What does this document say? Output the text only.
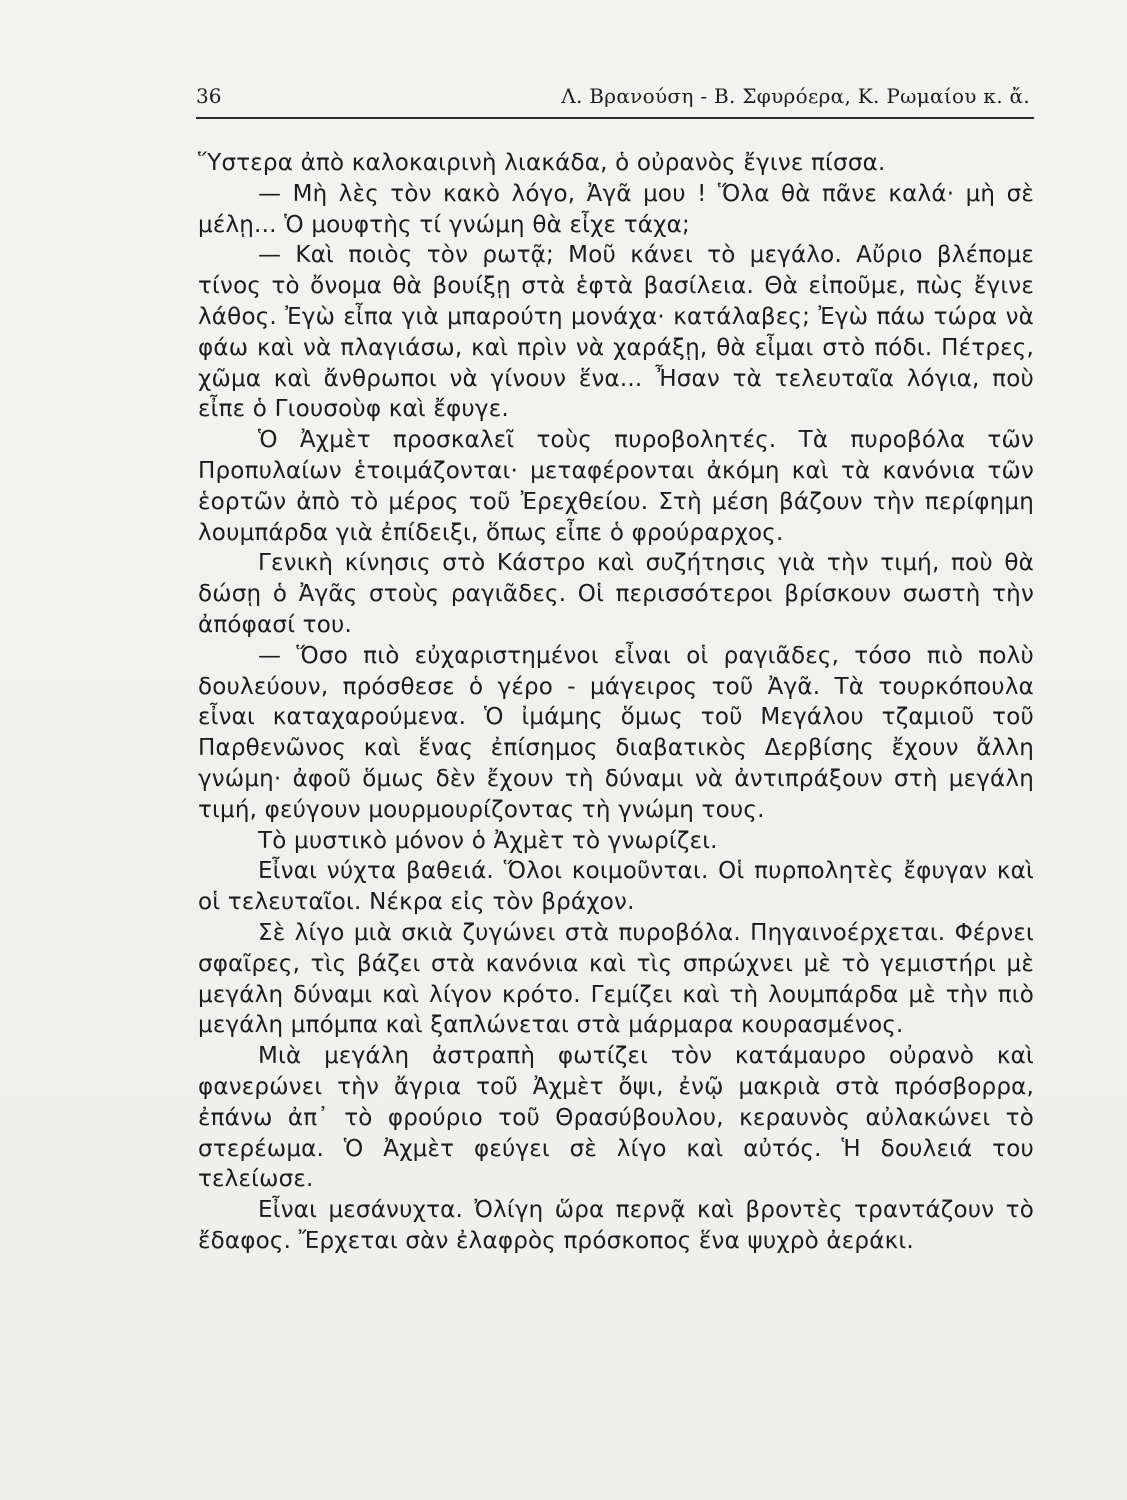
36	Λ. Βρανούση - Β. Σφυρόερα, Κ. Ρωμαίου κ. ἄ.

Ὕστερα ἀπὸ καλοκαιρινὴ λιακάδα, ὁ οὐρανὸς ἔγινε πίσσα.

— Μὴ λὲς τὸν κακὸ λόγο, Ἀγᾶ μου ! Ὅλα θὰ πᾶνε καλά· μὴ σὲ μέλῃ... Ὁ μουφτὴς τί γνώμη θὰ εἶχε τάχα;

— Καὶ ποιὸς τὸν ρωτᾷ; Μοῦ κάνει τὸ μεγάλο. Αὔριο βλέπομε τίνος τὸ ὄνομα θὰ βουίξῃ στὰ ἑφτὰ βασίλεια. Θὰ εἰποῦμε, πὼς ἔγινε λάθος. Ἐγὼ εἶπα γιὰ μπαρούτη μονάχα· κατάλαβες; Ἐγὼ πάω τώρα νὰ φάω καὶ νὰ πλαγιάσω, καὶ πρὶν νὰ χαράξῃ, θὰ εἶμαι στὸ πόδι. Πέτρες, χῶμα καὶ ἄνθρωποι νὰ γίνουν ἕνα... Ἦσαν τὰ τελευταῖα λόγια, ποὺ εἶπε ὁ Γιουσοὺφ καὶ ἔφυγε.

Ὁ Ἀχμὲτ προσκαλεῖ τοὺς πυροβολητές. Τὰ πυροβόλα τῶν Προπυλαίων ἑτοιμάζονται· μεταφέρονται ἀκόμη καὶ τὰ κανόνια τῶν ἑορτῶν ἀπὸ τὸ μέρος τοῦ Ἐρεχθείου. Στὴ μέση βάζουν τὴν περίφημη λουμπάρδα γιὰ ἐπίδειξι, ὅπως εἶπε ὁ φρούραρχος.

Γενικὴ κίνησις στὸ Κάστρο καὶ συζήτησις γιὰ τὴν τιμή, ποὺ θὰ δώσῃ ὁ Ἀγᾶς στοὺς ραγιᾶδες. Οἱ περισσότεροι βρίσκουν σωστὴ τὴν ἀπόφασί του.

— Ὅσο πιὸ εὐχαριστημένοι εἶναι οἱ ραγιᾶδες, τόσο πιὸ πολὺ δουλεύουν, πρόσθεσε ὁ γέρο - μάγειρος τοῦ Ἀγᾶ. Τὰ τουρκόπουλα εἶναι καταχαρούμενα. Ὁ ἰμάμης ὅμως τοῦ Μεγάλου τζαμιοῦ τοῦ Παρθενῶνος καὶ ἕνας ἐπίσημος διαβατικὸς Δερβίσης ἔχουν ἄλλη γνώμη· ἀφοῦ ὅμως δὲν ἔχουν τὴ δύναμι νὰ ἀντιπράξουν στὴ μεγάλη τιμή, φεύγουν μουρμουρίζοντας τὴ γνώμη τους.

Τὸ μυστικὸ μόνον ὁ Ἀχμὲτ τὸ γνωρίζει.

Εἶναι νύχτα βαθειά. Ὅλοι κοιμοῦνται. Οἱ πυρπολητὲς ἔφυγαν καὶ οἱ τελευταῖοι. Νέκρα εἰς τὸν βράχον.

Σὲ λίγο μιὰ σκιὰ ζυγώνει στὰ πυροβόλα. Πηγαινοέρχεται. Φέρνει σφαῖρες, τὶς βάζει στὰ κανόνια καὶ τὶς σπρώχνει μὲ τὸ γεμιστήρι μὲ μεγάλη δύναμι καὶ λίγον κρότο. Γεμίζει καὶ τὴ λουμπάρδα μὲ τὴν πιὸ μεγάλη μπόμπα καὶ ξαπλώνεται στὰ μάρμαρα κουρασμένος.

Μιὰ μεγάλη ἀστραπὴ φωτίζει τὸν κατάμαυρο οὐρανὸ καὶ φανερώνει τὴν ἄγρια τοῦ Ἀχμὲτ ὄψι, ἐνῷ μακριὰ στὰ πρόσβορρα, ἐπάνω ἀπ᾽ τὸ φρούριο τοῦ Θρασύβουλου, κεραυνὸς αὐλακώνει τὸ στερέωμα. Ὁ Ἀχμὲτ φεύγει σὲ λίγο καὶ αὐτός. Ἡ δουλειά του τελείωσε.

Εἶναι μεσάνυχτα. Ὀλίγη ὥρα περνᾷ καὶ βροντὲς τραντάζουν τὸ ἔδαφος. Ἔρχεται σὰν ἐλαφρὸς πρόσκοπος ἕνα ψυχρὸ ἀεράκι.
